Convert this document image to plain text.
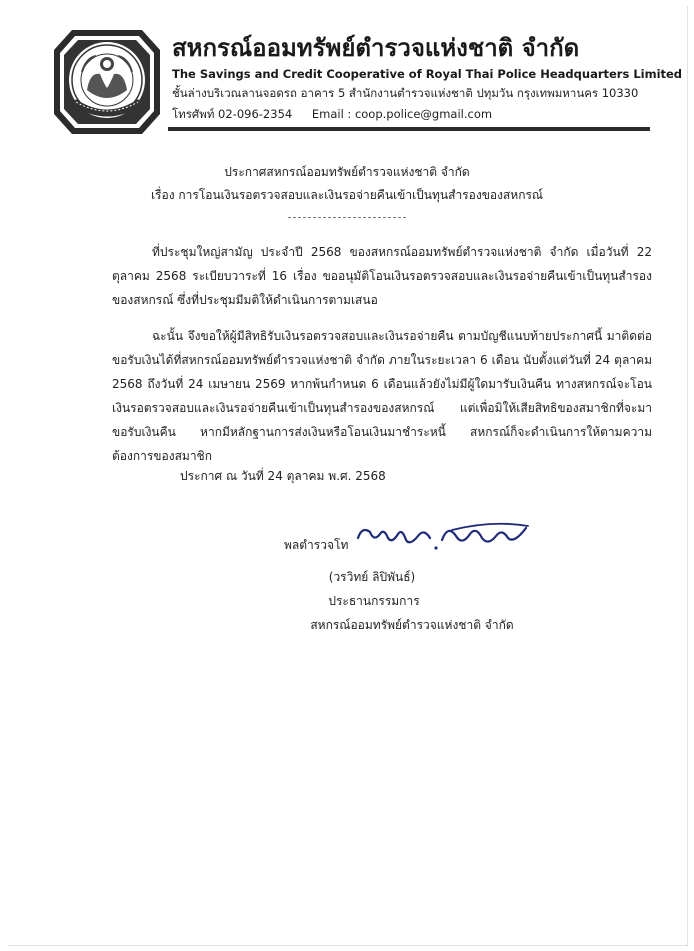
สหกรณ์ออมทรัพย์ตำรวจแห่งชาติ จำกัด
The Savings and Credit Cooperative of Royal Thai Police Headquarters Limited
ชั้นล่างบริเวณลานจอดรถ อาคาร 5 สำนักงานตำรวจแห่งชาติ ปทุมวัน กรุงเทพมหานคร 10330
โทรศัพท์ 02-096-2354 Email : coop.police@gmail.com
ประกาศสหกรณ์ออมทรัพย์ตำรวจแห่งชาติ จำกัด
เรื่อง การโอนเงินรอตรวจสอบและเงินรอจ่ายคืนเข้าเป็นทุนสำรองของสหกรณ์

ที่ประชุมใหญ่สามัญ ประจำปี 2568 ของสหกรณ์ออมทรัพย์ตำรวจแห่งชาติ จำกัด เมื่อวันที่ 22 ตุลาคม 2568 ระเบียบวาระที่ 16 เรื่อง ขออนุมัติโอนเงินรอตรวจสอบและเงินรอจ่ายคืนเข้าเป็นทุนสำรองของสหกรณ์ ซึ่งที่ประชุมมีมติให้ดำเนินการตามเสนอ

ฉะนั้น จึงขอให้ผู้มีสิทธิรับเงินรอตรวจสอบและเงินรอจ่ายคืน ตามบัญชีแนบท้ายประกาศนี้ มาติดต่อขอรับเงินได้ที่สหกรณ์ออมทรัพย์ตำรวจแห่งชาติ จำกัด ภายในระยะเวลา 6 เดือน นับตั้งแต่วันที่ 24 ตุลาคม 2568 ถึงวันที่ 24 เมษายน 2569 หากพ้นกำหนด 6 เดือนแล้วยังไม่มีผู้ใดมารับเงินคืน ทางสหกรณ์จะโอนเงินรอตรวจสอบและเงินรอจ่ายคืนเข้าเป็นทุนสำรองของสหกรณ์ แต่เพื่อมิให้เสียสิทธิของสมาชิกที่จะมาขอรับเงินคืน หากมีหลักฐานการส่งเงินหรือโอนเงินมาชำระหนี้ สหกรณ์ก็จะดำเนินการให้ตามความต้องการของสมาชิก

ประกาศ ณ วันที่ 24 ตุลาคม พ.ศ. 2568
พลตำรวจโท
(วรวิทย์ ลิปิพันธ์)
ประธานกรรมการ
สหกรณ์ออมทรัพย์ตำรวจแห่งชาติ จำกัด
